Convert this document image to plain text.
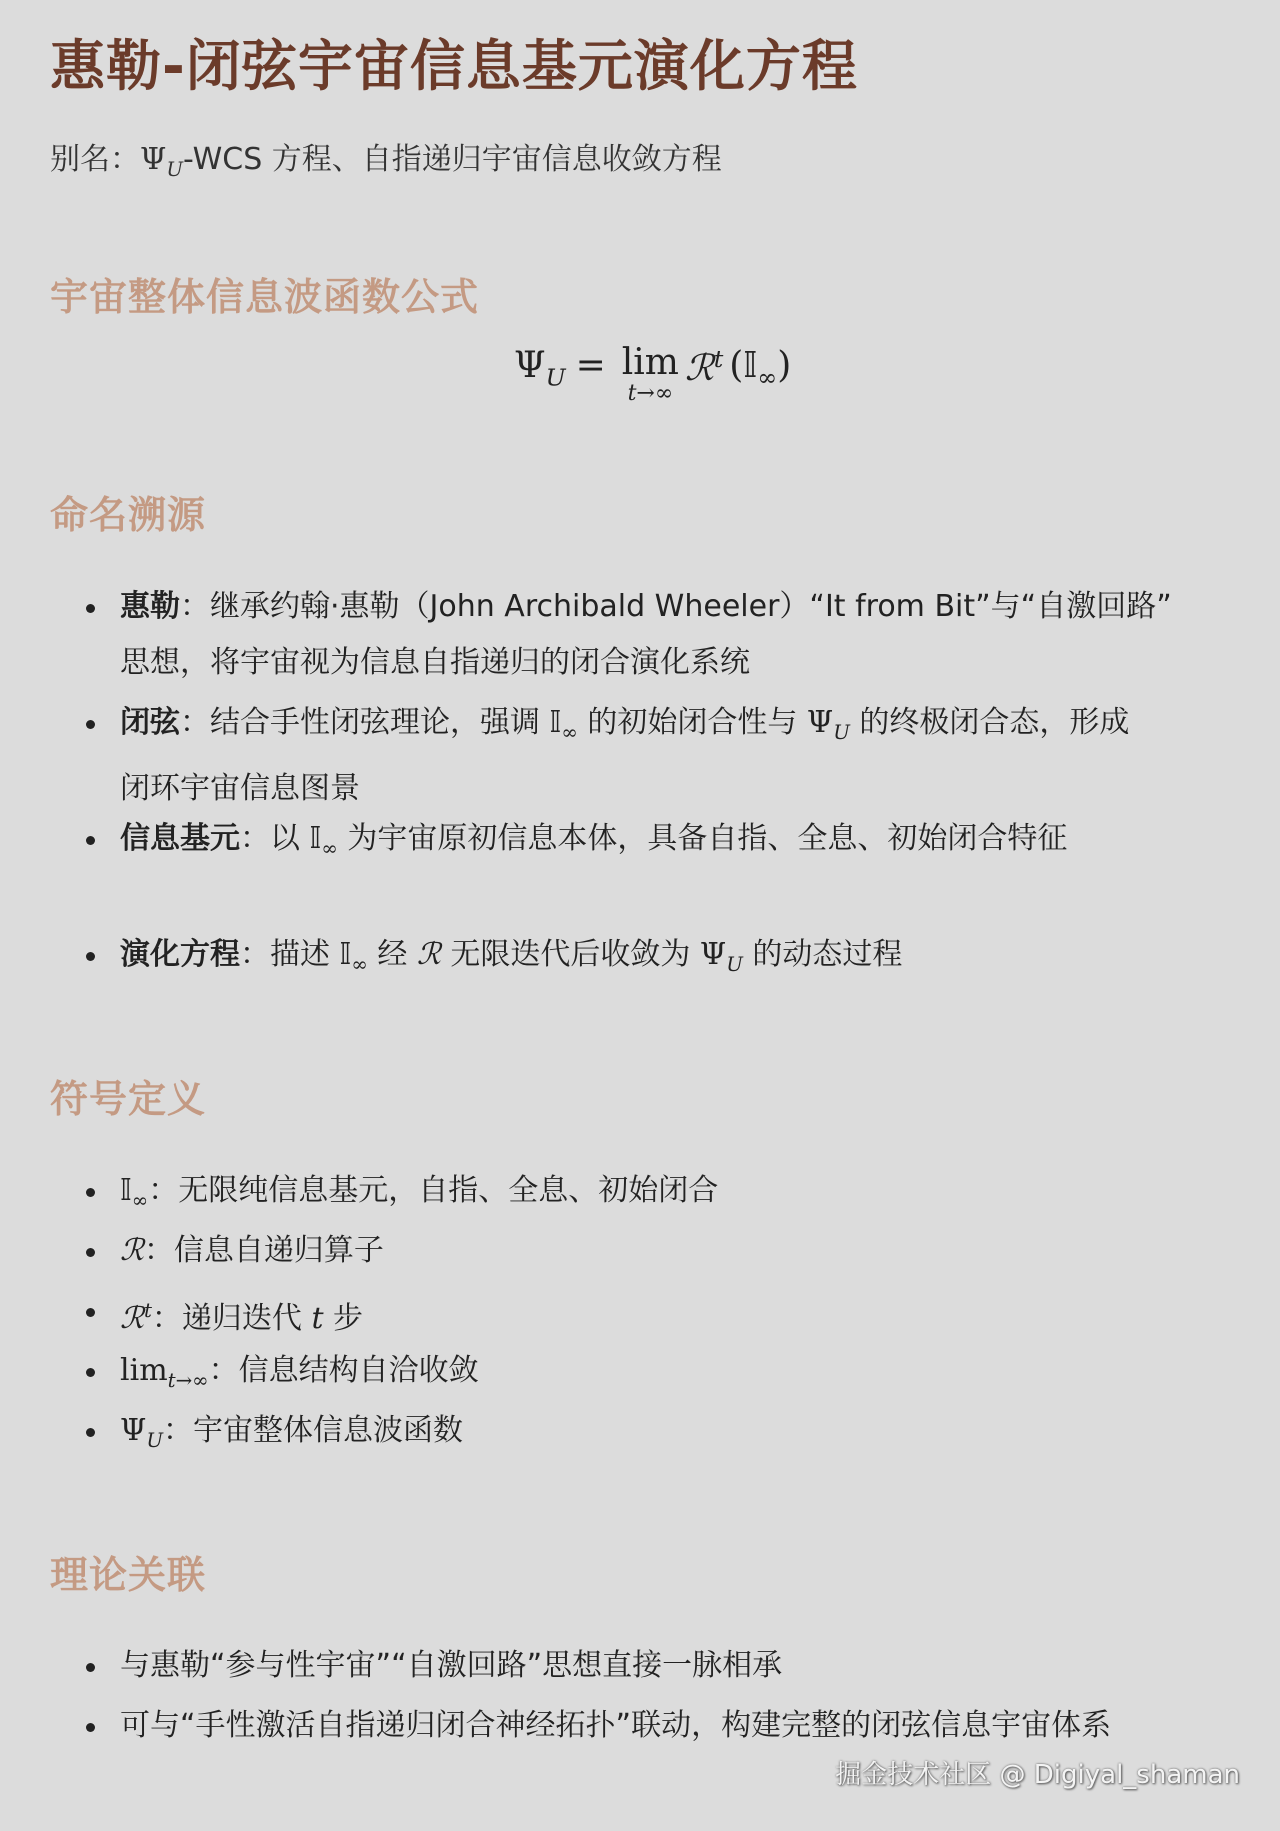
惠勒-闭弦宇宙信息基元演化方程
别名：$\Psi_U$-WCS 方程、自指递归宇宙信息收敛方程
宇宙整体信息波函数公式
$\Psi_U = \lim$
t→∞
ℛ$^t$ (𝕀$_\infty$)
命名溯源
惠勒：继承约翰·惠勒（John Archibald Wheeler）“It from Bit”与“自激回路”
思想，将宇宙视为信息自指递归的闭合演化系统
闭弦：结合手性闭弦理论，强调 𝕀$_\infty$ 的初始闭合性与 $\Psi_U$ 的终极闭合态，形成
闭环宇宙信息图景
信息基元：以 𝕀$_\infty$ 为宇宙原初信息本体，具备自指、全息、初始闭合特征
演化方程：描述 𝕀$_\infty$ 经 ℛ 无限迭代后收敛为 $\Psi_U$ 的动态过程
符号定义
𝕀$_\infty$：无限纯信息基元，自指、全息、初始闭合
ℛ：信息自递归算子
ℛ$^t$：递归迭代 t 步
$\lim_{t\to\infty}$：信息结构自洽收敛
$\Psi_U$：宇宙整体信息波函数
理论关联
与惠勒“参与性宇宙”“自激回路”思想直接一脉相承
可与“手性激活自指递归闭合神经拓扑”联动，构建完整的闭弦信息宇宙体系
掘金技术社区 @ Digiyal_shaman
